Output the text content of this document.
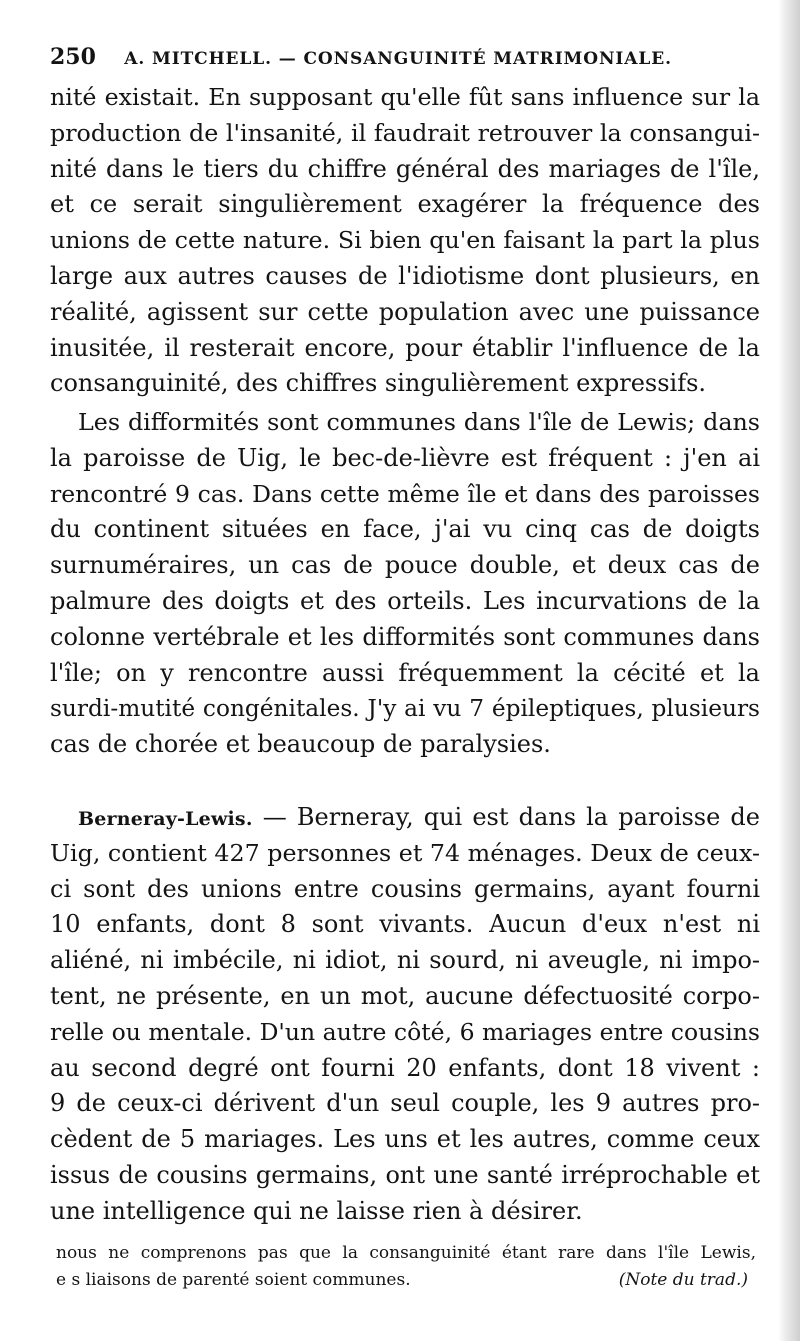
250 A. MITCHELL. — CONSANGUINITÉ MATRIMONIALE.
nité existait. En supposant qu'elle fût sans influence sur la
production de l'insanité, il faudrait retrouver la consangui-
nité dans le tiers du chiffre général des mariages de l'île,
et ce serait singulièrement exagérer la fréquence des
unions de cette nature. Si bien qu'en faisant la part la plus
large aux autres causes de l'idiotisme dont plusieurs, en
réalité, agissent sur cette population avec une puissance
inusitée, il resterait encore, pour établir l'influence de la
consanguinité, des chiffres singulièrement expressifs.
Les difformités sont communes dans l'île de Lewis; dans
la paroisse de Uig, le bec-de-lièvre est fréquent : j'en ai
rencontré 9 cas. Dans cette même île et dans des paroisses
du continent situées en face, j'ai vu cinq cas de doigts
surnuméraires, un cas de pouce double, et deux cas de
palmure des doigts et des orteils. Les incurvations de la
colonne vertébrale et les difformités sont communes dans
l'île; on y rencontre aussi fréquemment la cécité et la
surdi-mutité congénitales. J'y ai vu 7 épileptiques, plusieurs
cas de chorée et beaucoup de paralysies.
Berneray-Lewis. — Berneray, qui est dans la paroisse de
Uig, contient 427 personnes et 74 ménages. Deux de ceux-
ci sont des unions entre cousins germains, ayant fourni
10 enfants, dont 8 sont vivants. Aucun d'eux n'est ni
aliéné, ni imbécile, ni idiot, ni sourd, ni aveugle, ni impo-
tent, ne présente, en un mot, aucune défectuosité corpo-
relle ou mentale. D'un autre côté, 6 mariages entre cousins
au second degré ont fourni 20 enfants, dont 18 vivent :
9 de ceux-ci dérivent d'un seul couple, les 9 autres pro-
cèdent de 5 mariages. Les uns et les autres, comme ceux
issus de cousins germains, ont une santé irréprochable et
une intelligence qui ne laisse rien à désirer.
nous ne comprenons pas que la consanguinité étant rare dans l'île Lewis,
e s liaisons de parenté soient communes.	(Note du trad.)
